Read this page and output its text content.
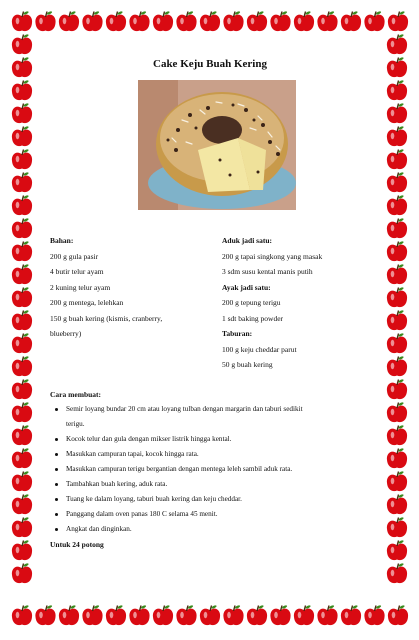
Cake Keju Buah Kering
Bahan:
200 g gula pasir
4 butir telur ayam
2 kuning telur ayam
200 g mentega, lelehkan
150 g buah kering (kismis, cranberry,
blueberry)
Aduk jadi satu:
200 g tapai singkong yang masak
3 sdm susu kental manis putih
Ayak jadi satu:
200 g tepung terigu
1 sdt baking powder
Taburan:
100 g keju cheddar parut
50 g buah kering
Cara membuat:
Semir loyang bundar 20 cm atau loyang tulban dengan margarin dan taburi sedikit
terigu.
Kocok telur dan gula dengan mikser listrik hingga kental.
Masukkan campuran tapai, kocok hingga rata.
Masukkan campuran terigu bergantian dengan mentega leleh sambil aduk rata.
Tambahkan buah kering, aduk rata.
Tuang ke dalam loyang, taburi buah kering dan keju cheddar.
Panggang dalam oven panas 180 C selama 45 menit.
Angkat dan dinginkan.
Untuk 24 potong
